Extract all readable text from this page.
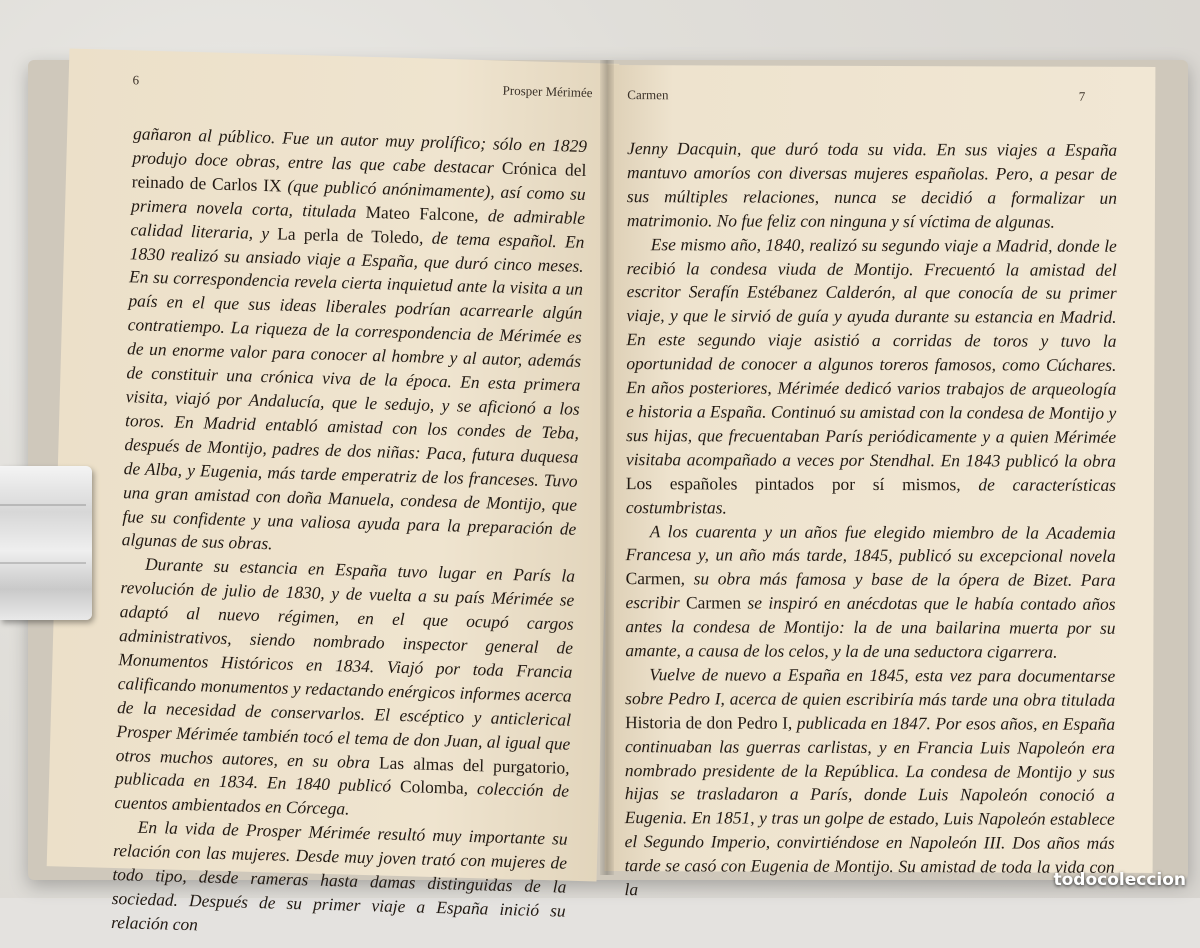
6
Prosper Mérimée

gañaron al público. Fue un autor muy prolífico; sólo en 1829 produjo doce obras, entre las que cabe destacar Crónica del reinado de Carlos IX (que publicó anónimamente), así como su primera novela corta, titulada Mateo Falcone, de admirable calidad literaria, y La perla de Toledo, de tema español. En 1830 realizó su ansiado viaje a España, que duró cinco meses. En su correspondencia revela cierta inquietud ante la visita a un país en el que sus ideas liberales podrían acarrearle algún contratiempo. La riqueza de la correspondencia de Mérimée es de un enorme valor para conocer al hombre y al autor, además de constituir una crónica viva de la época. En esta primera visita, viajó por Andalucía, que le sedujo, y se aficionó a los toros. En Madrid entabló amistad con los condes de Teba, después de Montijo, padres de dos niñas: Paca, futura duquesa de Alba, y Eugenia, más tarde emperatriz de los franceses. Tuvo una gran amistad con doña Manuela, condesa de Montijo, que fue su confidente y una valiosa ayuda para la preparación de algunas de sus obras.

Durante su estancia en España tuvo lugar en París la revolución de julio de 1830, y de vuelta a su país Mérimée se adaptó al nuevo régimen, en el que ocupó cargos administrativos, siendo nombrado inspector general de Monumentos Históricos en 1834. Viajó por toda Francia calificando monumentos y redactando enérgicos informes acerca de la necesidad de conservarlos. El escéptico y anticlerical Prosper Mérimée también tocó el tema de don Juan, al igual que otros muchos autores, en su obra Las almas del purgatorio, publicada en 1834. En 1840 publicó Colomba, colección de cuentos ambientados en Córcega.

En la vida de Prosper Mérimée resultó muy importante su relación con las mujeres. Desde muy joven trató con mujeres de todo tipo, desde rameras hasta damas distinguidas de la sociedad. Después de su primer viaje a España inició su relación con

Carmen	7

Jenny Dacquin, que duró toda su vida. En sus viajes a España mantuvo amoríos con diversas mujeres españolas. Pero, a pesar de sus múltiples relaciones, nunca se decidió a formalizar un matrimonio. No fue feliz con ninguna y sí víctima de algunas.

Ese mismo año, 1840, realizó su segundo viaje a Madrid, donde le recibió la condesa viuda de Montijo. Frecuentó la amistad del escritor Serafín Estébanez Calderón, al que conocía de su primer viaje, y que le sirvió de guía y ayuda durante su estancia en Madrid. En este segundo viaje asistió a corridas de toros y tuvo la oportunidad de conocer a algunos toreros famosos, como Cúchares. En años posteriores, Mérimée dedicó varios trabajos de arqueología e historia a España. Continuó su amistad con la condesa de Montijo y sus hijas, que frecuentaban París periódicamente y a quien Mérimée visitaba acompañado a veces por Stendhal. En 1843 publicó la obra Los españoles pintados por sí mismos, de características costumbristas.

A los cuarenta y un años fue elegido miembro de la Academia Francesa y, un año más tarde, 1845, publicó su excepcional novela Carmen, su obra más famosa y base de la ópera de Bizet. Para escribir Carmen se inspiró en anécdotas que le había contado años antes la condesa de Montijo: la de una bailarina muerta por su amante, a causa de los celos, y la de una seductora cigarrera.

Vuelve de nuevo a España en 1845, esta vez para documentarse sobre Pedro I, acerca de quien escribiría más tarde una obra titulada Historia de don Pedro I, publicada en 1847. Por esos años, en España continuaban las guerras carlistas, y en Francia Luis Napoleón era nombrado presidente de la República. La condesa de Montijo y sus hijas se trasladaron a París, donde Luis Napoleón conoció a Eugenia. En 1851, y tras un golpe de estado, Luis Napoleón establece el Segundo Imperio, convirtiéndose en Napoleón III. Dos años más tarde se casó con Eugenia de Montijo. Su amistad de toda la vida con la	todocoleccion
